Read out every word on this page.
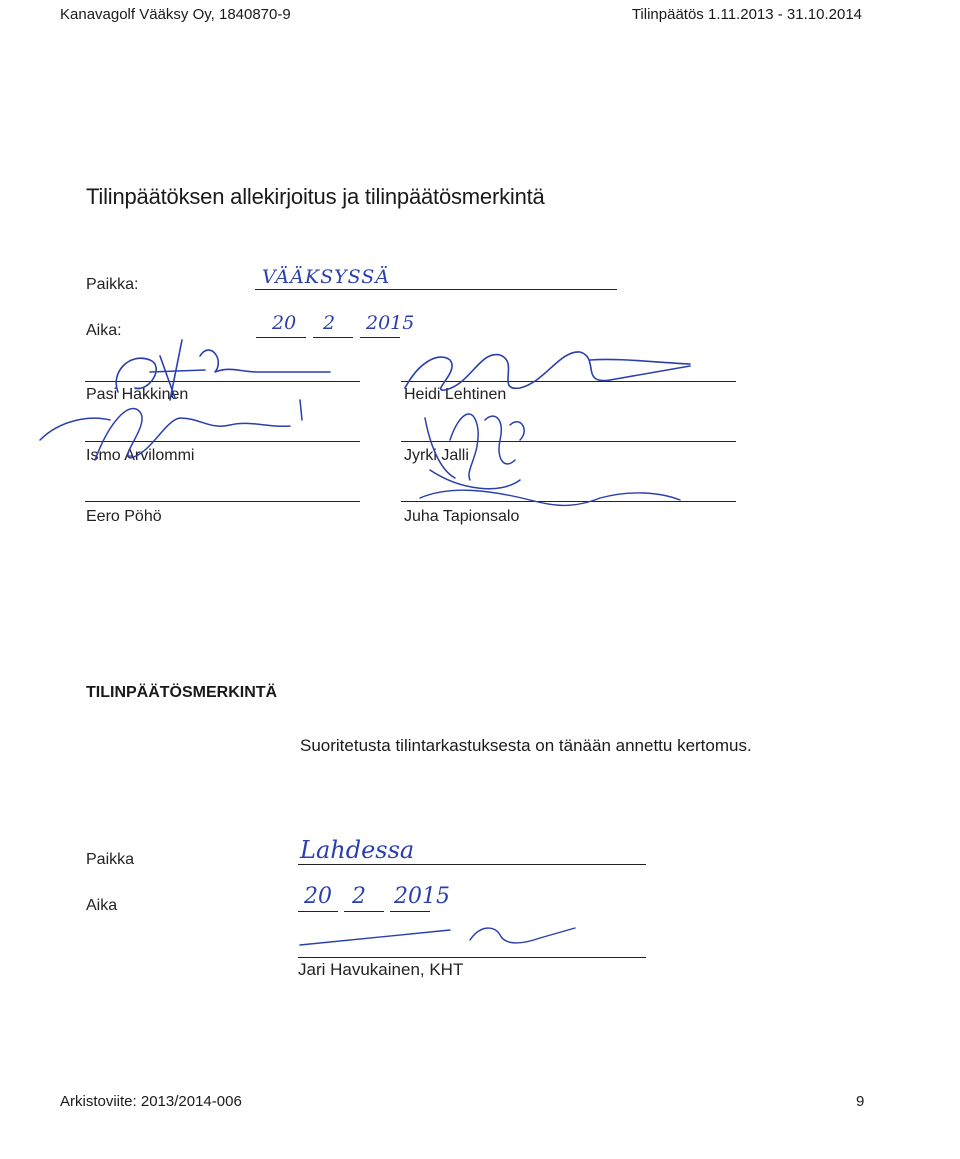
Kanavagolf Vääksy Oy, 1840870-9	Tilinpäätös 1.11.2013 - 31.10.2014
Tilinpäätöksen allekirjoitus ja tilinpäätösmerkintä
Paikka:	VÄÄKSYSSÄ
Aika:	20 2 2015
Pasi Häkkinen	Heidi Lehtinen
Ismo Arvilommi	Jyrki Jalli
Eero Pöhö	Juha Tapionsalo
TILINPÄÄTÖSMERKINTÄ
Suoritetusta tilintarkastuksesta on tänään annettu kertomus.
Paikka	Lahdessa
Aika	20 2 2015
Jari Havukainen, KHT
Arkistoviite: 2013/2014-006	9
